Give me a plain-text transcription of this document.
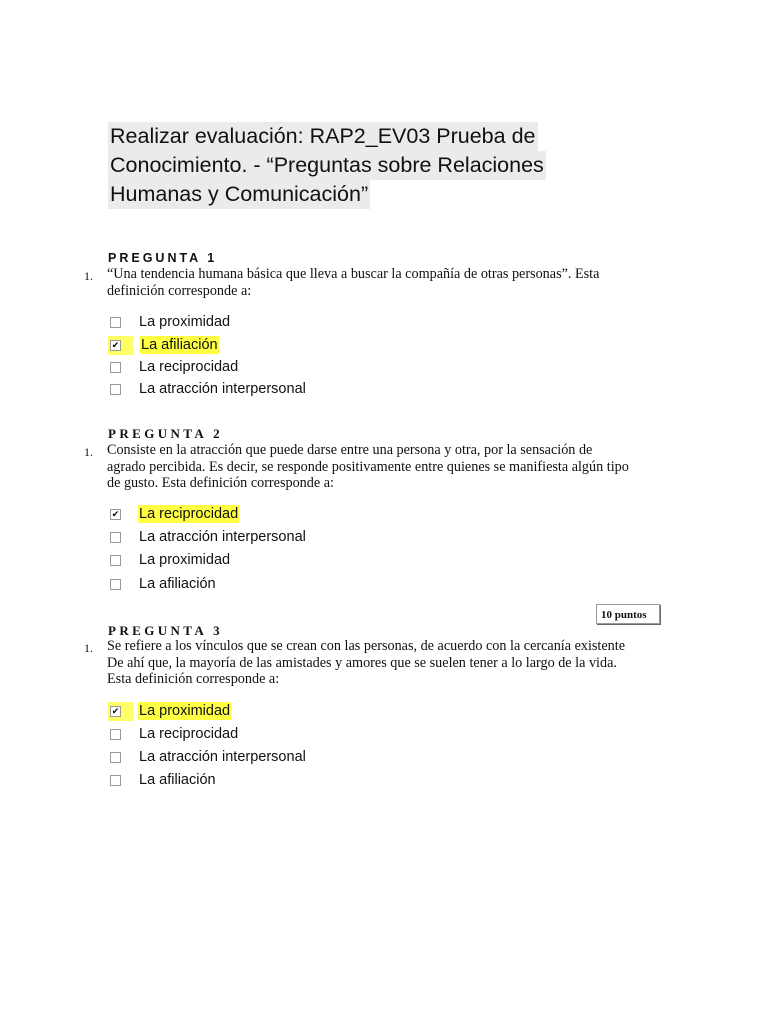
Realizar evaluación: RAP2_EV03 Prueba de
Conocimiento. - “Preguntas sobre Relaciones
Humanas y Comunicación”
PREGUNTA 1
1. “Una tendencia humana básica que lleva a buscar la compañía de otras personas”. Esta
definición corresponde a:
La proximidad
✔ La afiliación
La reciprocidad
La atracción interpersonal
PREGUNTA 2
1. Consiste en la atracción que puede darse entre una persona y otra, por la sensación de
agrado percibida. Es decir, se responde positivamente entre quienes se manifiesta algún tipo
de gusto. Esta definición corresponde a:
✔ La reciprocidad
La atracción interpersonal
La proximidad
La afiliación
10 puntos
PREGUNTA 3
1. Se refiere a los vínculos que se crean con las personas, de acuerdo con la cercanía existente
De ahí que, la mayoría de las amistades y amores que se suelen tener a lo largo de la vida.
Esta definición corresponde a:
✔ La proximidad
La reciprocidad
La atracción interpersonal
La afiliación
